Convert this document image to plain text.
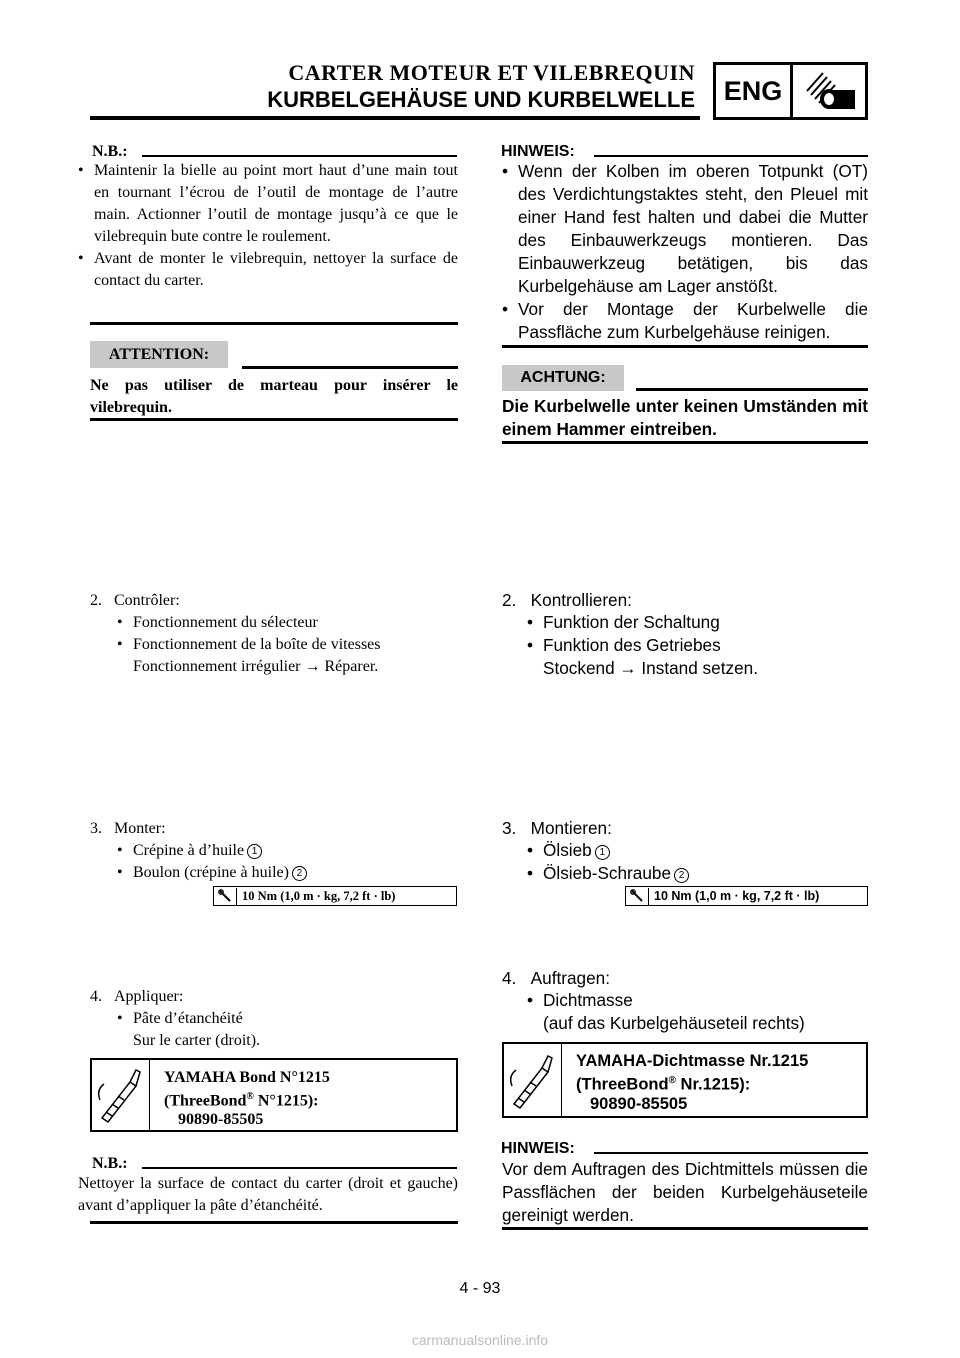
CARTER MOTEUR ET VILEBREQUIN
KURBELGEHÄUSE UND KURBELWELLE	ENG
N.B.:
• Maintenir la bielle au point mort haut d’une main tout en tournant l’écrou de l’outil de montage de l’autre main. Actionner l’outil de montage jusqu’à ce que le vilebrequin bute contre le roulement.
• Avant de monter le vilebrequin, nettoyer la surface de contact du carter.
ATTENTION:
Ne pas utiliser de marteau pour insérer le vilebrequin.
2. Contrôler:
• Fonctionnement du sélecteur
• Fonctionnement de la boîte de vitesses
Fonctionnement irrégulier → Réparer.
3. Monter:
• Crépine à d’huile 1
• Boulon (crépine à huile) 2
10 Nm (1,0 m · kg, 7,2 ft · lb)
4. Appliquer:
• Pâte d’étanchéité
Sur le carter (droit).
YAMAHA Bond N°1215
(ThreeBond® N°1215):
90890-85505
N.B.:
Nettoyer la surface de contact du carter (droit et gauche) avant d’appliquer la pâte d’étanchéité.
HINWEIS:
• Wenn der Kolben im oberen Totpunkt (OT) des Verdichtungstaktes steht, den Pleuel mit einer Hand fest halten und dabei die Mutter des Einbauwerkzeugs montieren. Das Einbauwerkzeug betätigen, bis das Kurbelgehäuse am Lager anstößt.
• Vor der Montage der Kurbelwelle die Passfläche zum Kurbelgehäuse reinigen.
ACHTUNG:
Die Kurbelwelle unter keinen Umständen mit einem Hammer eintreiben.
2. Kontrollieren:
• Funktion der Schaltung
• Funktion des Getriebes
Stockend → Instand setzen.
3. Montieren:
• Ölsieb 1
• Ölsieb-Schraube 2
10 Nm (1,0 m · kg, 7,2 ft · lb)
4. Auftragen:
• Dichtmasse
(auf das Kurbelgehäuseteil rechts)
YAMAHA-Dichtmasse Nr.1215
(ThreeBond® Nr.1215):
90890-85505
HINWEIS:
Vor dem Auftragen des Dichtmittels müssen die Passflächen der beiden Kurbelgehäuseteile gereinigt werden.
4 - 93
carmanualsonline.info
